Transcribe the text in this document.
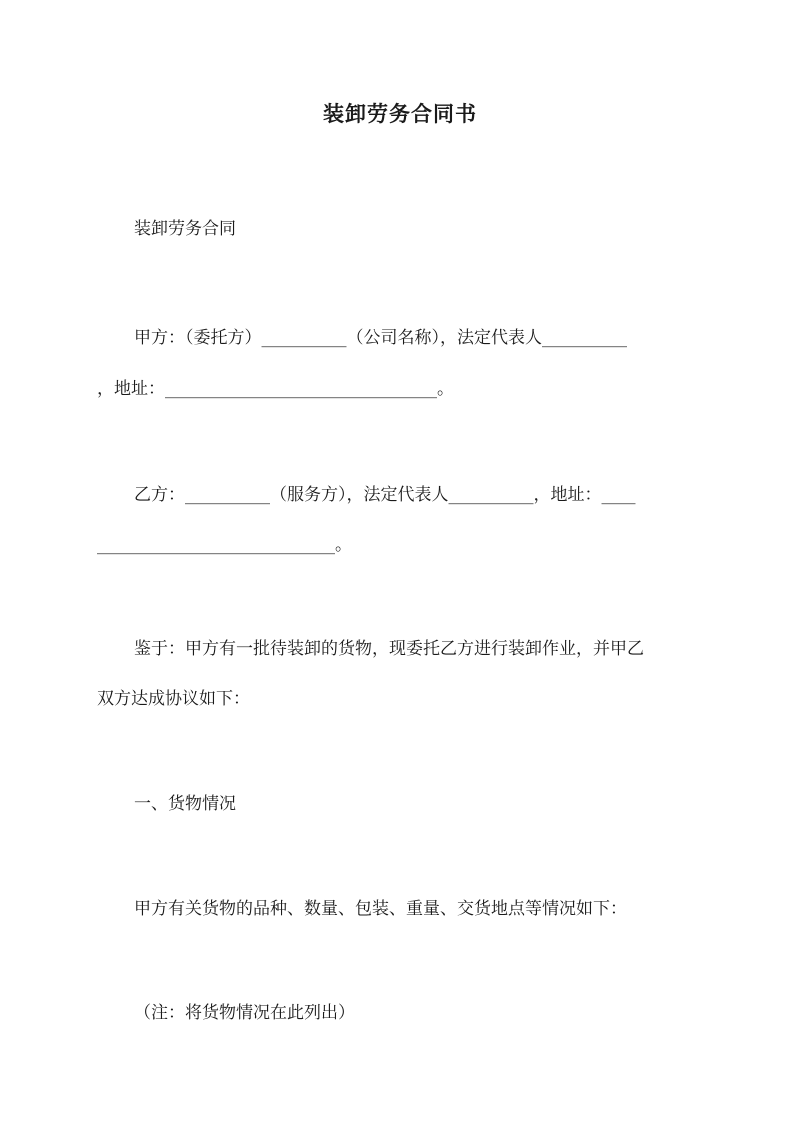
装卸劳务合同书
装卸劳务合同
甲方：（委托方）__________（公司名称），法定代表人__________
，地址：________________________________。
乙方：__________（服务方），法定代表人__________，地址：____
____________________________。
鉴于：甲方有一批待装卸的货物，现委托乙方进行装卸作业，并甲乙
双方达成协议如下：
一、货物情况
甲方有关货物的品种、数量、包装、重量、交货地点等情况如下：
（注：将货物情况在此列出）
